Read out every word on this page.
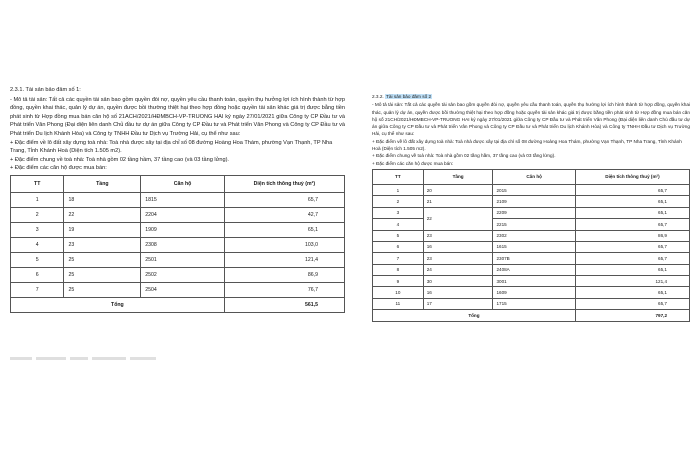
2.3.1. Tài sản bảo đảm số 1:
- Mô tả tài sản: Tất cả các quyền tài sản bao gồm quyền đòi nợ, quyền yêu cầu thanh toán, quyền thụ hưởng lợi ích hình thành từ hợp đồng, quyền khai thác, quản lý dự án, quyền được bồi thường thiệt hại theo hợp đồng hoặc quyền tài sản khác giá trị được bằng tiền phát sinh từ Hợp đồng mua bán căn hộ số 21ACH/2021/HĐMBCH-VP-TRUONG HAI ký ngày 27/01/2021 giữa Công ty CP Đầu tư và Phát triển Vân Phong (Đại diện liên danh Chủ đầu tư dự án giữa Công ty CP Đầu tư và Phát triển Vân Phong và Công ty CP Đầu tư và Phát triển Du lịch Khánh Hòa) và Công ty TNHH Đầu tư Dịch vụ Trường Hải, cụ thể như sau:
+ Đặc điểm về lô đất xây dựng toà nhà: Toà nhà được xây tại địa chỉ số 08 đường Hoàng Hoa Thám, phường Vạn Thạnh, TP Nha Trang, Tỉnh Khánh Hoà (Diện tích 1.505 m2).
+ Đặc điểm chung về toà nhà: Toà nhà gồm 02 tầng hầm, 37 tầng cao (và 03 tầng lửng).
+ Đặc điểm các căn hộ được mua bán:
TT	Tầng	Căn hộ	Diện tích thông thuỷ (m²)
1	18	1815	65,7
2	22	2204	42,7
3	19	1909	65,1
4	23	2308	103,0
5	25	2501	121,4
6	25	2502	86,9
7	25	2504	76,7
Tổng			561,5
2.3.2. Tài sản bảo đảm số 2
- Mô tả tài sản: Tất cả các quyền tài sản bao gồm quyền đòi nợ, quyền yêu cầu thanh toán, quyền thụ hưởng lợi ích hình thành từ hợp đồng, quyền khai thác, quản lý dự án, quyền được bồi thường thiệt hại theo hợp đồng hoặc quyền tài sản khác giá trị được bằng tiền phát sinh từ Hợp đồng mua bán căn hộ số 21CH/2021/HĐMBCH-VP-TRUONG HAI ký ngày 27/01/2021 giữa Công ty CP Đầu tư và Phát triển Vân Phong (Đại diện liên danh Chủ đầu tư dự án giữa Công ty CP Đầu tư và Phát triển Vân Phong và Công ty CP Đầu tư và Phát triển Du lịch Khánh Hòa) và Công ty TNHH Đầu tư Dịch vụ Trường Hải, cụ thể như sau:
+ Đặc điểm về lô đất xây dựng toà nhà: Toà nhà được xây tại địa chỉ số 08 đường Hoàng Hoa Thám, phường Vạn Thạnh, TP Nha Trang, Tỉnh Khánh Hoà (Diện tích 1.505 m2).
+ Đặc điểm chung về toà nhà: Toà nhà gồm 02 tầng hầm, 37 tầng cao (và 03 tầng lửng).
+ Đặc điểm các căn hộ được mua bán:
TT	Tầng	Căn hộ	Diện tích thông thuỷ (m²)
1	20	2015	65,7
2	21	2109	65,1
3	22	2209	65,1
4		2215	65,7
5	23	2302	86,9
6	16	1615	65,7
7	23	2307B	65,7
8	24	2408A	65,1
9	30	3001	121,4
10	16	1609	65,1
11	17	1715	65,7
Tổng			797,2
